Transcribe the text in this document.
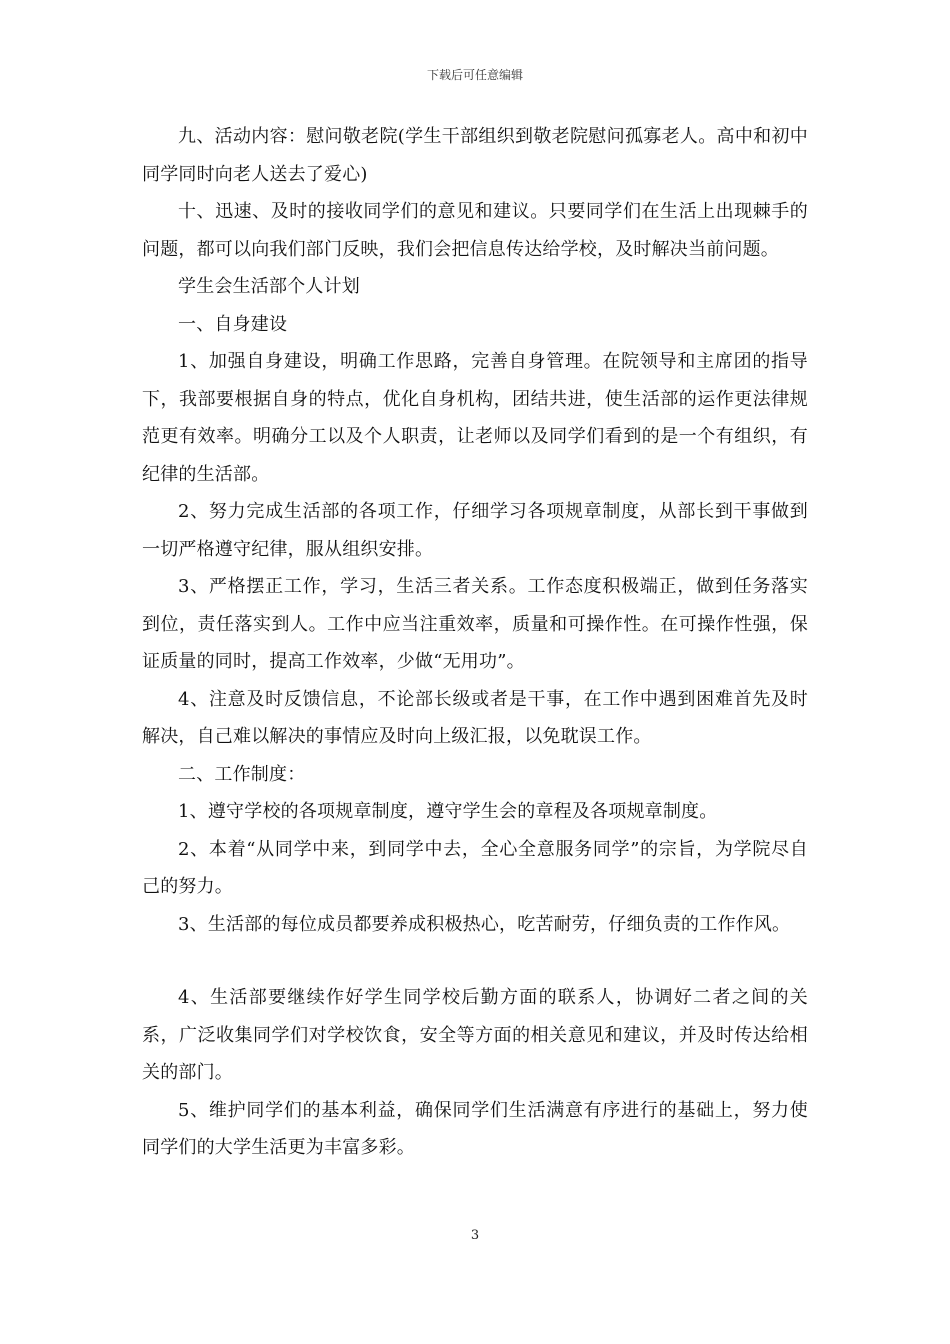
下载后可任意编辑

九、活动内容：慰问敬老院(学生干部组织到敬老院慰问孤寡老人。高中和初中同学同时向老人送去了爱心)

十、迅速、及时的接收同学们的意见和建议。只要同学们在生活上出现棘手的问题，都可以向我们部门反映，我们会把信息传达给学校，及时解决当前问题。

学生会生活部个人计划

一、自身建设

1、加强自身建设，明确工作思路，完善自身管理。在院领导和主席团的指导下，我部要根据自身的特点，优化自身机构，团结共进，使生活部的运作更法律规范更有效率。明确分工以及个人职责，让老师以及同学们看到的是一个有组织，有纪律的生活部。

2、努力完成生活部的各项工作，仔细学习各项规章制度，从部长到干事做到一切严格遵守纪律，服从组织安排。

3、严格摆正工作，学习，生活三者关系。工作态度积极端正，做到任务落实到位，责任落实到人。工作中应当注重效率，质量和可操作性。在可操作性强，保证质量的同时，提高工作效率，少做“无用功”。

4、注意及时反馈信息，不论部长级或者是干事，在工作中遇到困难首先及时解决，自己难以解决的事情应及时向上级汇报，以免耽误工作。

二、工作制度：

1、遵守学校的各项规章制度，遵守学生会的章程及各项规章制度。

2、本着“从同学中来，到同学中去，全心全意服务同学”的宗旨，为学院尽自己的努力。

3、生活部的每位成员都要养成积极热心，吃苦耐劳，仔细负责的工作作风。

4、生活部要继续作好学生同学校后勤方面的联系人，协调好二者之间的关系，广泛收集同学们对学校饮食，安全等方面的相关意见和建议，并及时传达给相关的部门。

5、维护同学们的基本利益，确保同学们生活满意有序进行的基础上，努力使同学们的大学生活更为丰富多彩。

3
